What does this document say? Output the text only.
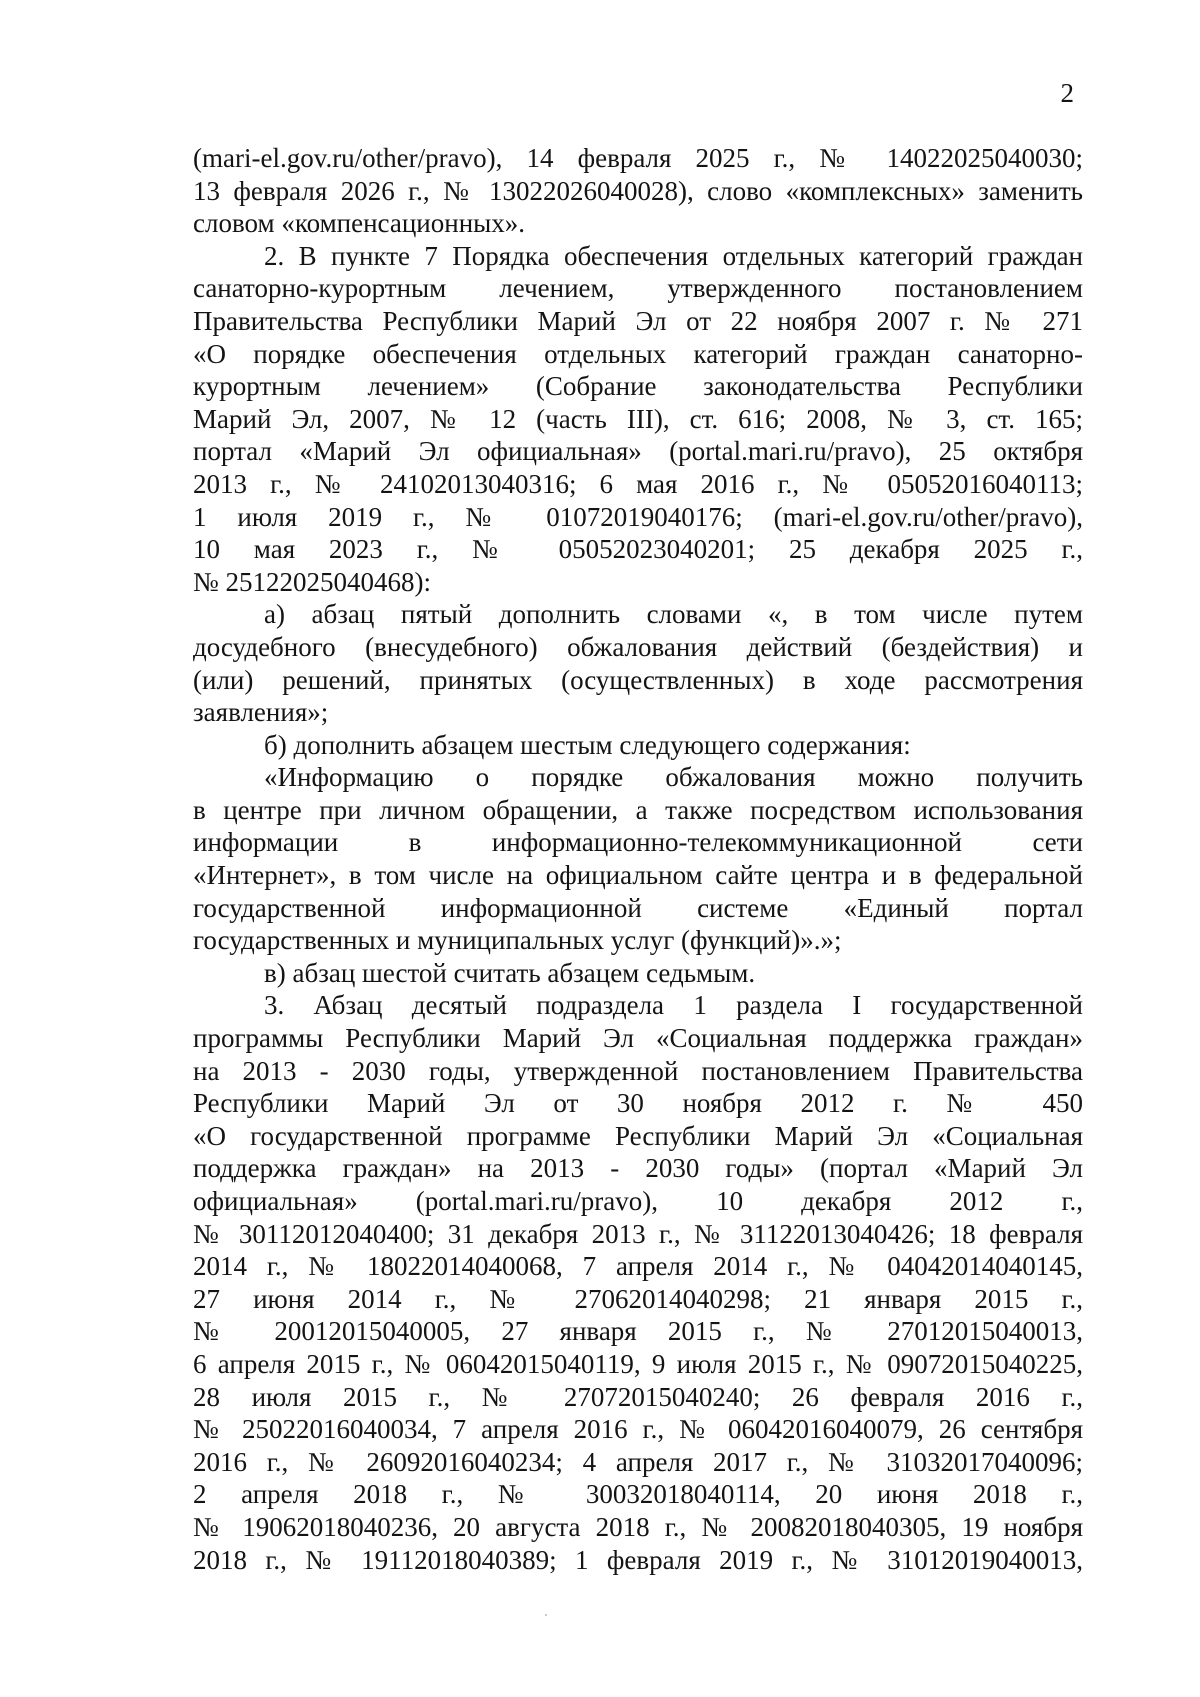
2
(mari-el.gov.ru/other/pravo), 14 февраля 2025 г., № 14022025040030;
13 февраля 2026 г., № 13022026040028), слово «комплексных» заменить
словом «компенсационных».
2. В пункте 7 Порядка обеспечения отдельных категорий граждан
санаторно-курортным лечением, утвержденного постановлением
Правительства Республики Марий Эл от 22 ноября 2007 г. № 271
«О порядке обеспечения отдельных категорий граждан санаторно-
курортным лечением» (Собрание законодательства Республики
Марий Эл, 2007, № 12 (часть III), ст. 616; 2008, № 3, ст. 165;
портал «Марий Эл официальная» (portal.mari.ru/pravo), 25 октября
2013 г., № 24102013040316; 6 мая 2016 г., № 05052016040113;
1 июля 2019 г., № 01072019040176; (mari-el.gov.ru/other/pravo),
10 мая 2023 г., № 05052023040201; 25 декабря 2025 г.,
№ 25122025040468):
а) абзац пятый дополнить словами «, в том числе путем
досудебного (внесудебного) обжалования действий (бездействия) и
(или) решений, принятых (осуществленных) в ходе рассмотрения
заявления»;
б) дополнить абзацем шестым следующего содержания:
«Информацию о порядке обжалования можно получить
в центре при личном обращении, а также посредством использования
информации в информационно-телекоммуникационной сети
«Интернет», в том числе на официальном сайте центра и в федеральной
государственной информационной системе «Единый портал
государственных и муниципальных услуг (функций)».»;
в) абзац шестой считать абзацем седьмым.
3. Абзац десятый подраздела 1 раздела I государственной
программы Республики Марий Эл «Социальная поддержка граждан»
на 2013 - 2030 годы, утвержденной постановлением Правительства
Республики Марий Эл от 30 ноября 2012 г. № 450
«О государственной программе Республики Марий Эл «Социальная
поддержка граждан» на 2013 - 2030 годы» (портал «Марий Эл
официальная» (portal.mari.ru/pravo), 10 декабря 2012 г.,
№ 30112012040400; 31 декабря 2013 г., № 31122013040426; 18 февраля
2014 г., № 18022014040068, 7 апреля 2014 г., № 04042014040145,
27 июня 2014 г., № 27062014040298; 21 января 2015 г.,
№ 20012015040005, 27 января 2015 г., № 27012015040013,
6 апреля 2015 г., № 06042015040119, 9 июля 2015 г., № 09072015040225,
28 июля 2015 г., № 27072015040240; 26 февраля 2016 г.,
№ 25022016040034, 7 апреля 2016 г., № 06042016040079, 26 сентября
2016 г., № 26092016040234; 4 апреля 2017 г., № 31032017040096;
2 апреля 2018 г., № 30032018040114, 20 июня 2018 г.,
№ 19062018040236, 20 августа 2018 г., № 20082018040305, 19 ноября
2018 г., № 19112018040389; 1 февраля 2019 г., № 31012019040013,
